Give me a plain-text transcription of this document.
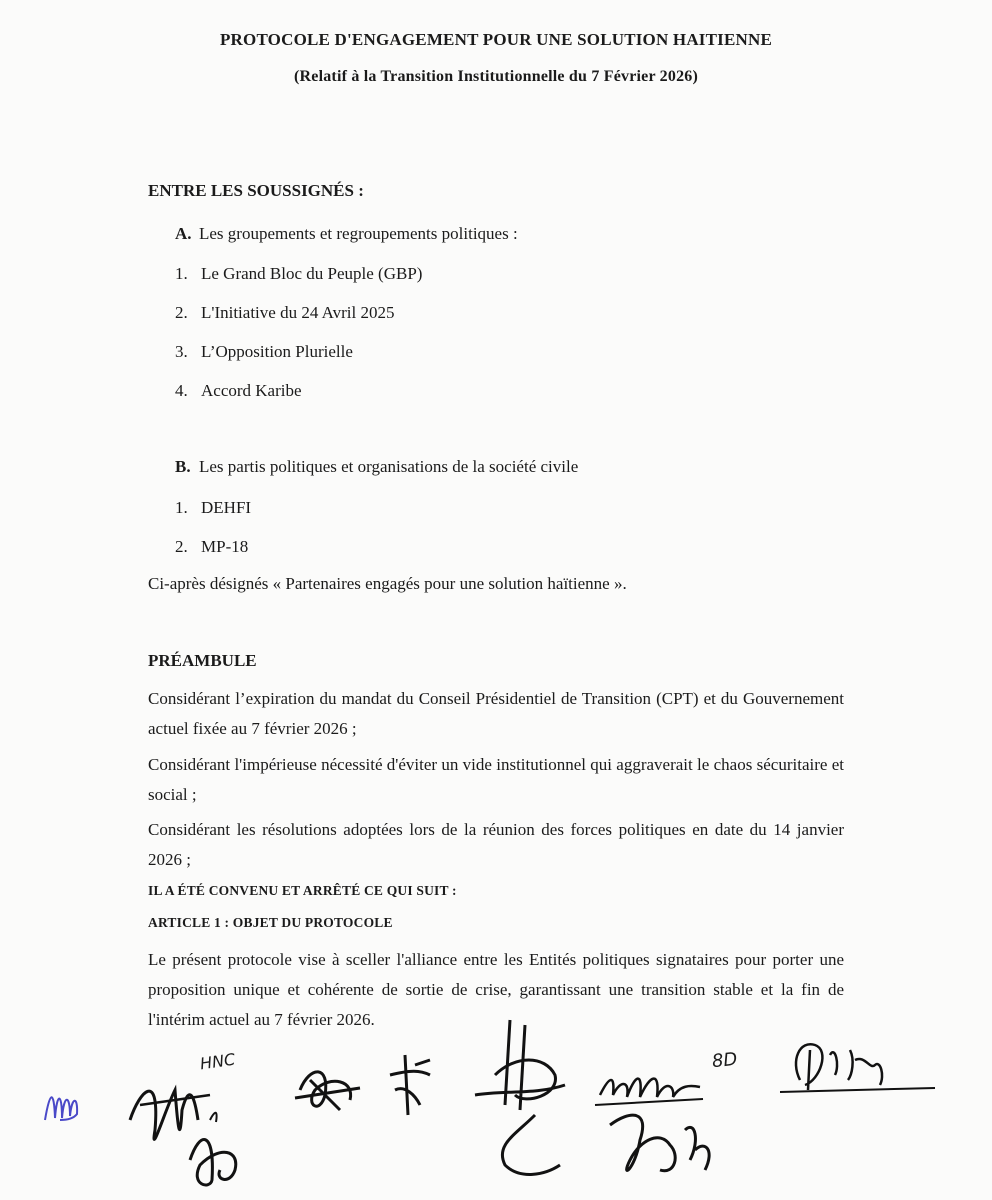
PROTOCOLE D'ENGAGEMENT POUR UNE SOLUTION HAITIENNE
(Relatif à la Transition Institutionnelle du 7 Février 2026)
ENTRE LES SOUSSIGNÉS :
A. Les groupements et regroupements politiques :
1. Le Grand Bloc du Peuple (GBP)
2. L'Initiative du 24 Avril 2025
3. L’Opposition Plurielle
4. Accord Karibe
B. Les partis politiques et organisations de la société civile
1. DEHFI
2. MP-18
Ci-après désignés « Partenaires engagés pour une solution haïtienne ».
PRÉAMBULE
Considérant l’expiration du mandat du Conseil Présidentiel de Transition (CPT) et du Gouvernement actuel fixée au 7 février 2026 ;
Considérant l'impérieuse nécessité d'éviter un vide institutionnel qui aggraverait le chaos sécuritaire et social ;
Considérant les résolutions adoptées lors de la réunion des forces politiques en date du 14 janvier 2026 ;
IL A ÉTÉ CONVENU ET ARRÊTÉ CE QUI SUIT :
ARTICLE 1 : OBJET DU PROTOCOLE
Le présent protocole vise à sceller l'alliance entre les Entités politiques signataires pour porter une proposition unique et cohérente de sortie de crise, garantissant une transition stable et la fin de l'intérim actuel au 7 février 2026.
HNC	8D
